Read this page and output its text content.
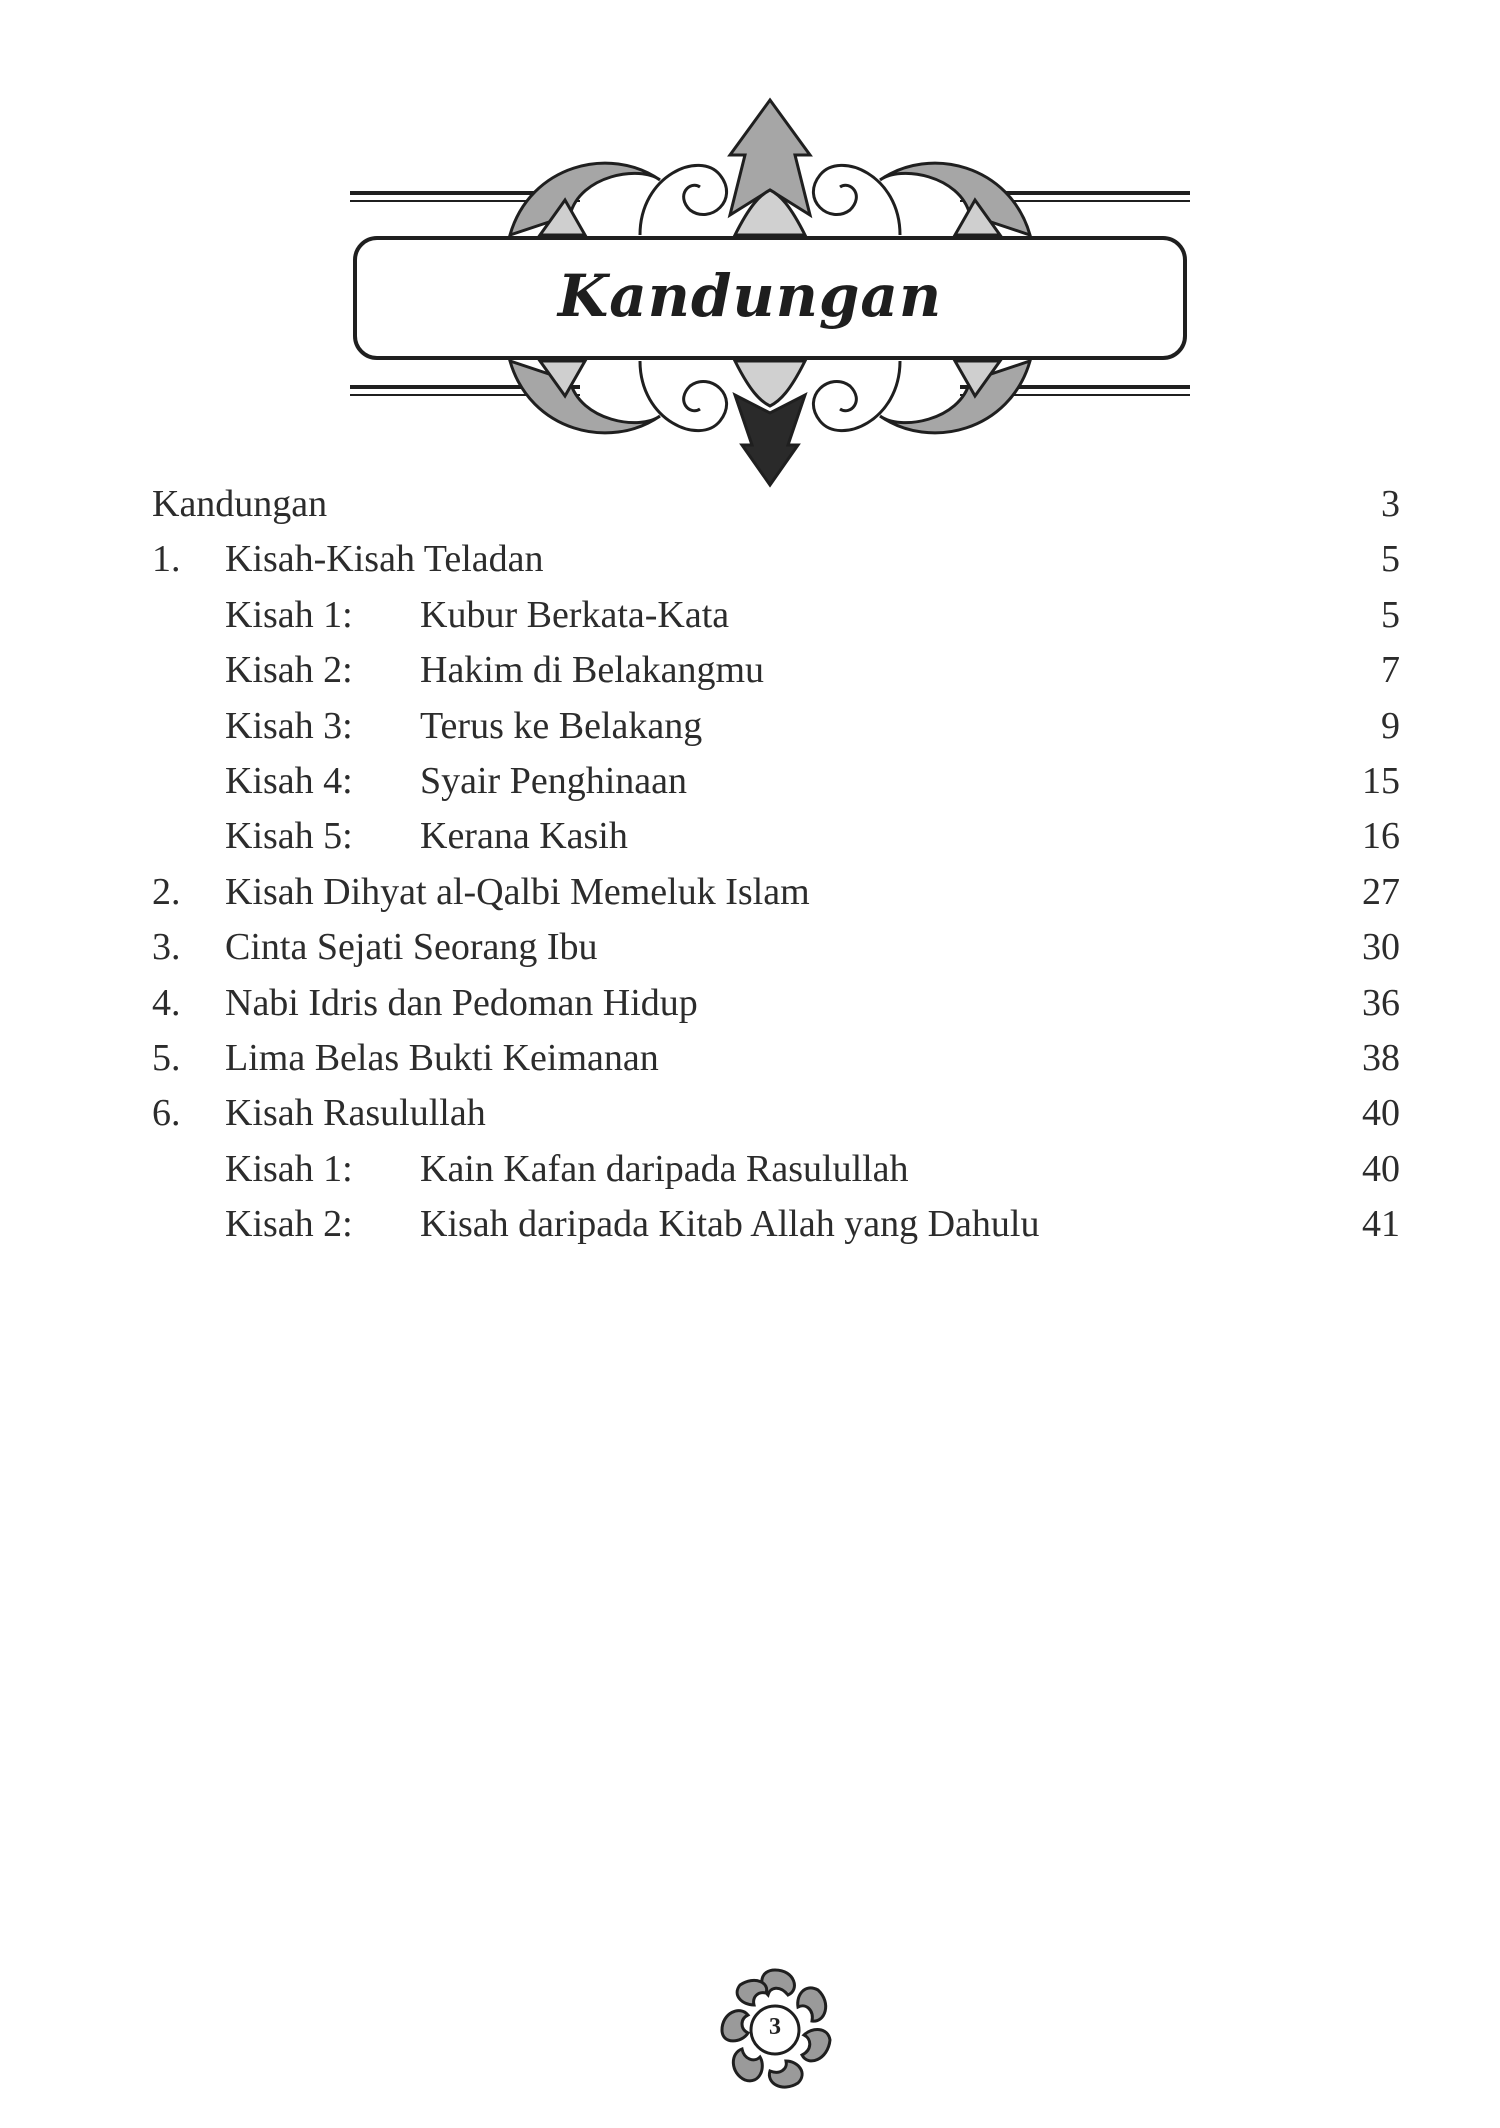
Kandungan
Kandungan	3
1. Kisah-Kisah Teladan	5
Kisah 1: Kubur Berkata-Kata	5
Kisah 2: Hakim di Belakangmu	7
Kisah 3: Terus ke Belakang	9
Kisah 4: Syair Penghinaan	15
Kisah 5: Kerana Kasih	16
2. Kisah Dihyat al-Qalbi Memeluk Islam	27
3. Cinta Sejati Seorang Ibu	30
4. Nabi Idris dan Pedoman Hidup	36
5. Lima Belas Bukti Keimanan	38
6. Kisah Rasulullah	40
Kisah 1: Kain Kafan daripada Rasulullah	40
Kisah 2: Kisah daripada Kitab Allah yang Dahulu	41
3
